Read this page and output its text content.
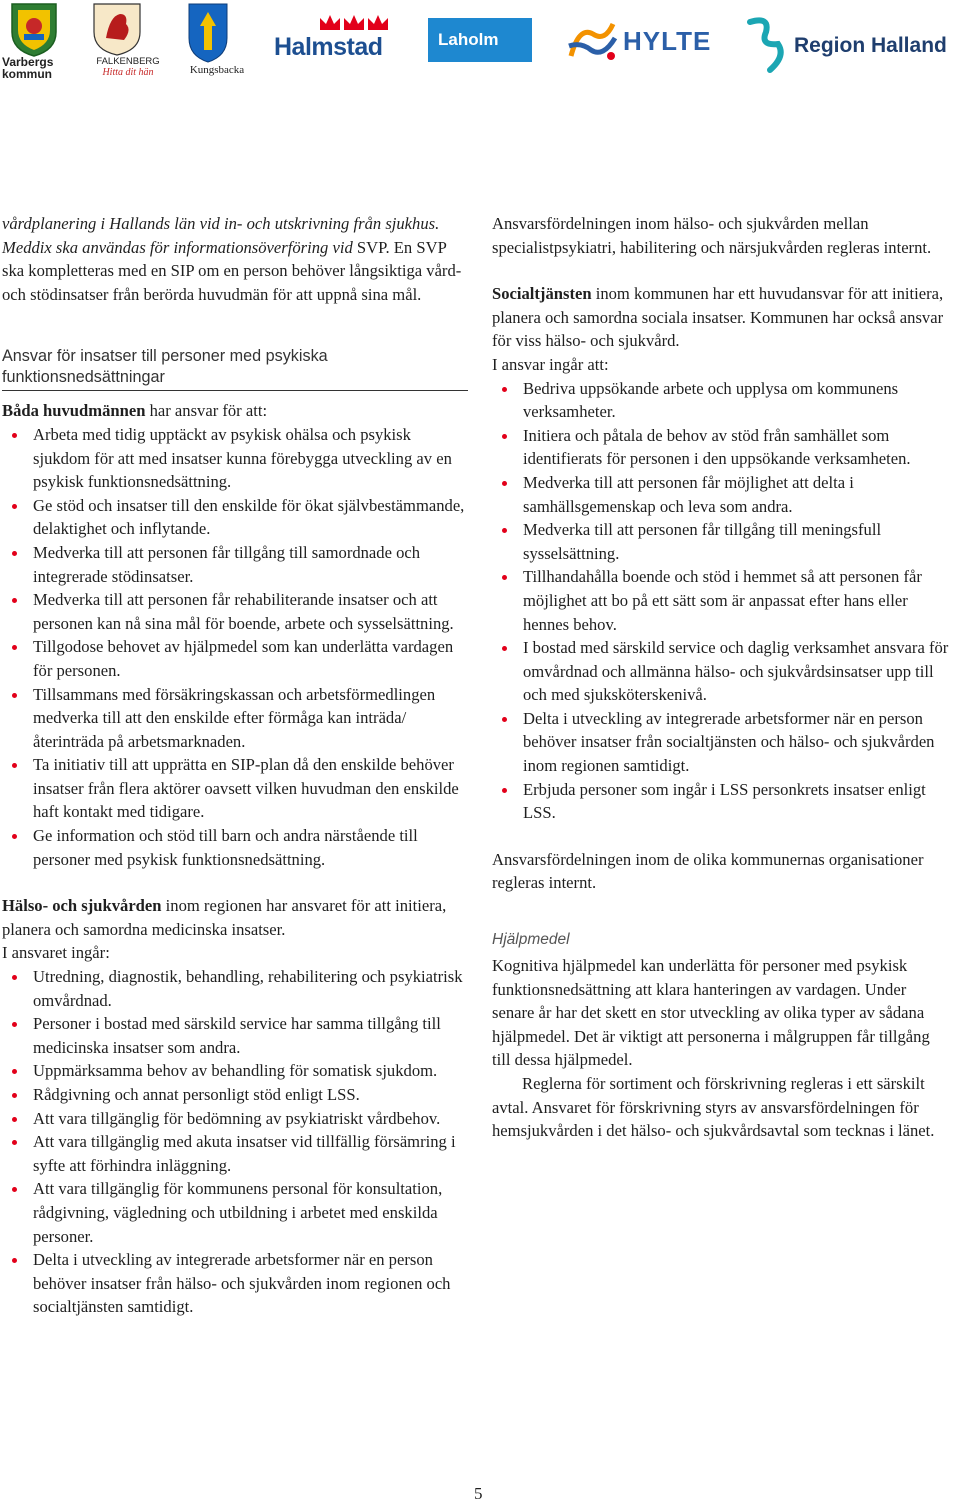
Varbergs
kommun
FALKENBERG
Hitta dit hän	Kungsbacka
Halmstad	Laholm	HYLTE	Region Halland

vårdplanering i Hallands län vid in- och utskrivning från sjukhus. Meddix ska användas för informationsöverföring vid SVP. En SVP ska kompletteras med en SIP om en person behöver långsiktiga vård- och stödinsatser från berörda huvudmän för att uppnå sina mål.

Ansvar för insatser till personer med psykiska funktionsnedsättningar

Båda huvudmännen har ansvar för att:

Arbeta med tidig upptäckt av psykisk ohälsa och psykisk sjukdom för att med insatser kunna förebygga utveckling av en psykisk funktionsnedsättning.
Ge stöd och insatser till den enskilde för ökat självbestämmande, delaktighet och inflytande.
Medverka till att personen får tillgång till samordnade och integrerade stödinsatser.
Medverka till att personen får rehabiliterande insatser och att personen kan nå sina mål för boende, arbete och sysselsättning.
Tillgodose behovet av hjälpmedel som kan underlätta vardagen för personen.
Tillsammans med försäkringskassan och arbetsförmedlingen medverka till att den enskilde efter förmåga kan inträda/återinträda på arbetsmarknaden.
Ta initiativ till att upprätta en SIP-plan då den enskilde behöver insatser från flera aktörer oavsett vilken huvudman den enskilde haft kontakt med tidigare.
Ge information och stöd till barn och andra närstående till personer med psykisk funktionsnedsättning.

Hälso- och sjukvården inom regionen har ansvaret för att initiera, planera och samordna medicinska insatser.

I ansvaret ingår:

Utredning, diagnostik, behandling, rehabilitering och psykiatrisk omvårdnad.
Personer i bostad med särskild service har samma tillgång till medicinska insatser som andra.
Uppmärksamma behov av behandling för somatisk sjukdom.
Rådgivning och annat personligt stöd enligt LSS.
Att vara tillgänglig för bedömning av psykiatriskt vårdbehov.
Att vara tillgänglig med akuta insatser vid tillfällig försämring i syfte att förhindra inläggning.
Att vara tillgänglig för kommunens personal för konsultation, rådgivning, vägledning och utbildning i arbetet med enskilda personer.
Delta i utveckling av integrerade arbetsformer när en person behöver insatser från hälso- och sjukvården inom regionen och socialtjänsten samtidigt.

Ansvarsfördelningen inom hälso- och sjukvården mellan specialistpsykiatri, habilitering och närsjukvården regleras internt.

Socialtjänsten inom kommunen har ett huvudansvar för att initiera, planera och samordna sociala insatser. Kommunen har också ansvar för viss hälso- och sjukvård.

I ansvar ingår att:

Bedriva uppsökande arbete och upplysa om kommunens verksamheter.
Initiera och påtala de behov av stöd från samhället som identifierats för personen i den uppsökande verksamheten.
Medverka till att personen får möjlighet att delta i samhällsgemenskap och leva som andra.
Medverka till att personen får tillgång till meningsfull sysselsättning.
Tillhandahålla boende och stöd i hemmet så att personen får möjlighet att bo på ett sätt som är anpassat efter hans eller hennes behov.
I bostad med särskild service och daglig verksamhet ansvara för omvårdnad och allmänna hälso- och sjukvårdsinsatser upp till och med sjuksköterskenivå.
Delta i utveckling av integrerade arbetsformer när en person behöver insatser från socialtjänsten och hälso- och sjukvården inom regionen samtidigt.
Erbjuda personer som ingår i LSS personkrets insatser enligt LSS.

Ansvarsfördelningen inom de olika kommunernas organisationer regleras internt.

Hjälpmedel

Kognitiva hjälpmedel kan underlätta för personer med psykisk funktionsnedsättning att klara hanteringen av vardagen. Under senare år har det skett en stor utveckling av olika typer av sådana hjälpmedel. Det är viktigt att personerna i målgruppen får tillgång till dessa hjälpmedel.

Reglerna för sortiment och förskrivning regleras i ett särskilt avtal. Ansvaret för förskrivning styrs av ansvarsfördelningen för hemsjukvården i det hälso- och sjukvårdsavtal som tecknas i länet.

5
